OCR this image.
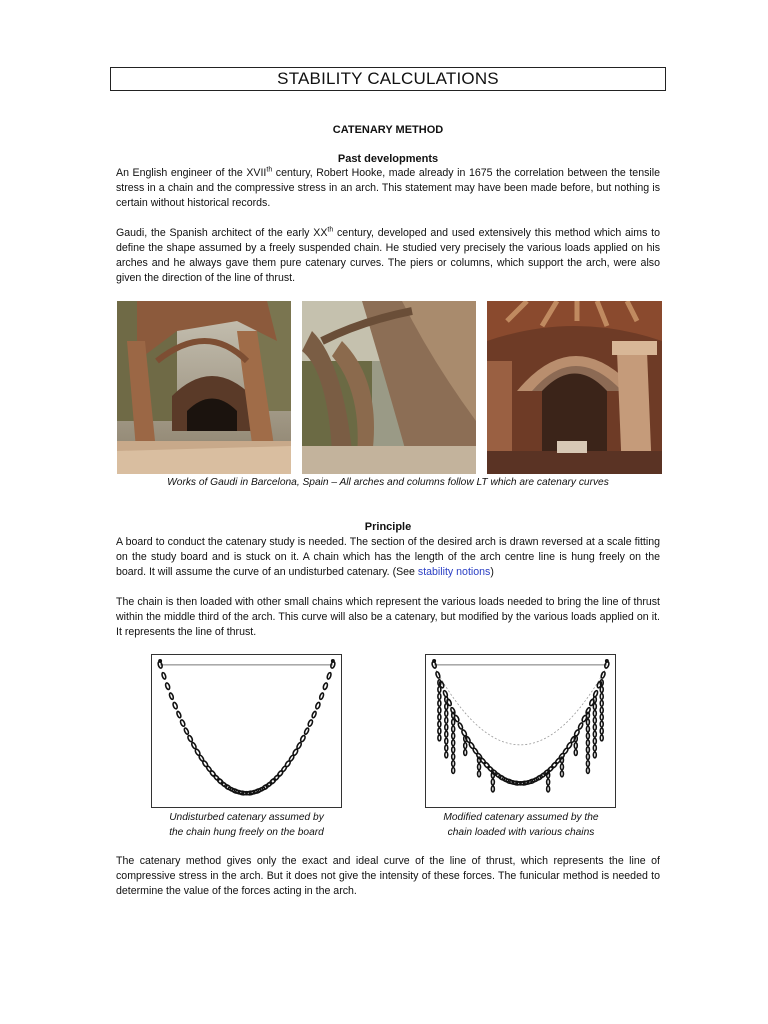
STABILITY CALCULATIONS
CATENARY METHOD
Past developments

An English engineer of the XVIIth century, Robert Hooke, made already in 1675 the correlation between the tensile stress in a chain and the compressive stress in an arch. This statement may have been made before, but nothing is certain without historical records.

Gaudi, the Spanish architect of the early XXth century, developed and used extensively this method which aims to define the shape assumed by a freely suspended chain. He studied very precisely the various loads applied on his arches and he always gave them pure catenary curves. The piers or columns, which support the arch, were also given the direction of the line of thrust.

Works of Gaudi in Barcelona, Spain – All arches and columns follow LT which are catenary curves
Principle

A board to conduct the catenary study is needed. The section of the desired arch is drawn reversed at a scale fitting on the study board and is stuck on it. A chain which has the length of the arch centre line is hung freely on the board. It will assume the curve of an undisturbed catenary. (See stability notions)

The chain is then loaded with other small chains which represent the various loads needed to bring the line of thrust within the middle third of the arch. This curve will also be a catenary, but modified by the various loads applied on it. It represents the line of thrust.

Undisturbed catenary assumed by
the chain hung freely on the board
Modified catenary assumed by the
chain loaded with various chains

The catenary method gives only the exact and ideal curve of the line of thrust, which represents the line of compressive stress in the arch. But it does not give the intensity of these forces. The funicular method is needed to determine the value of the forces acting in the arch.
